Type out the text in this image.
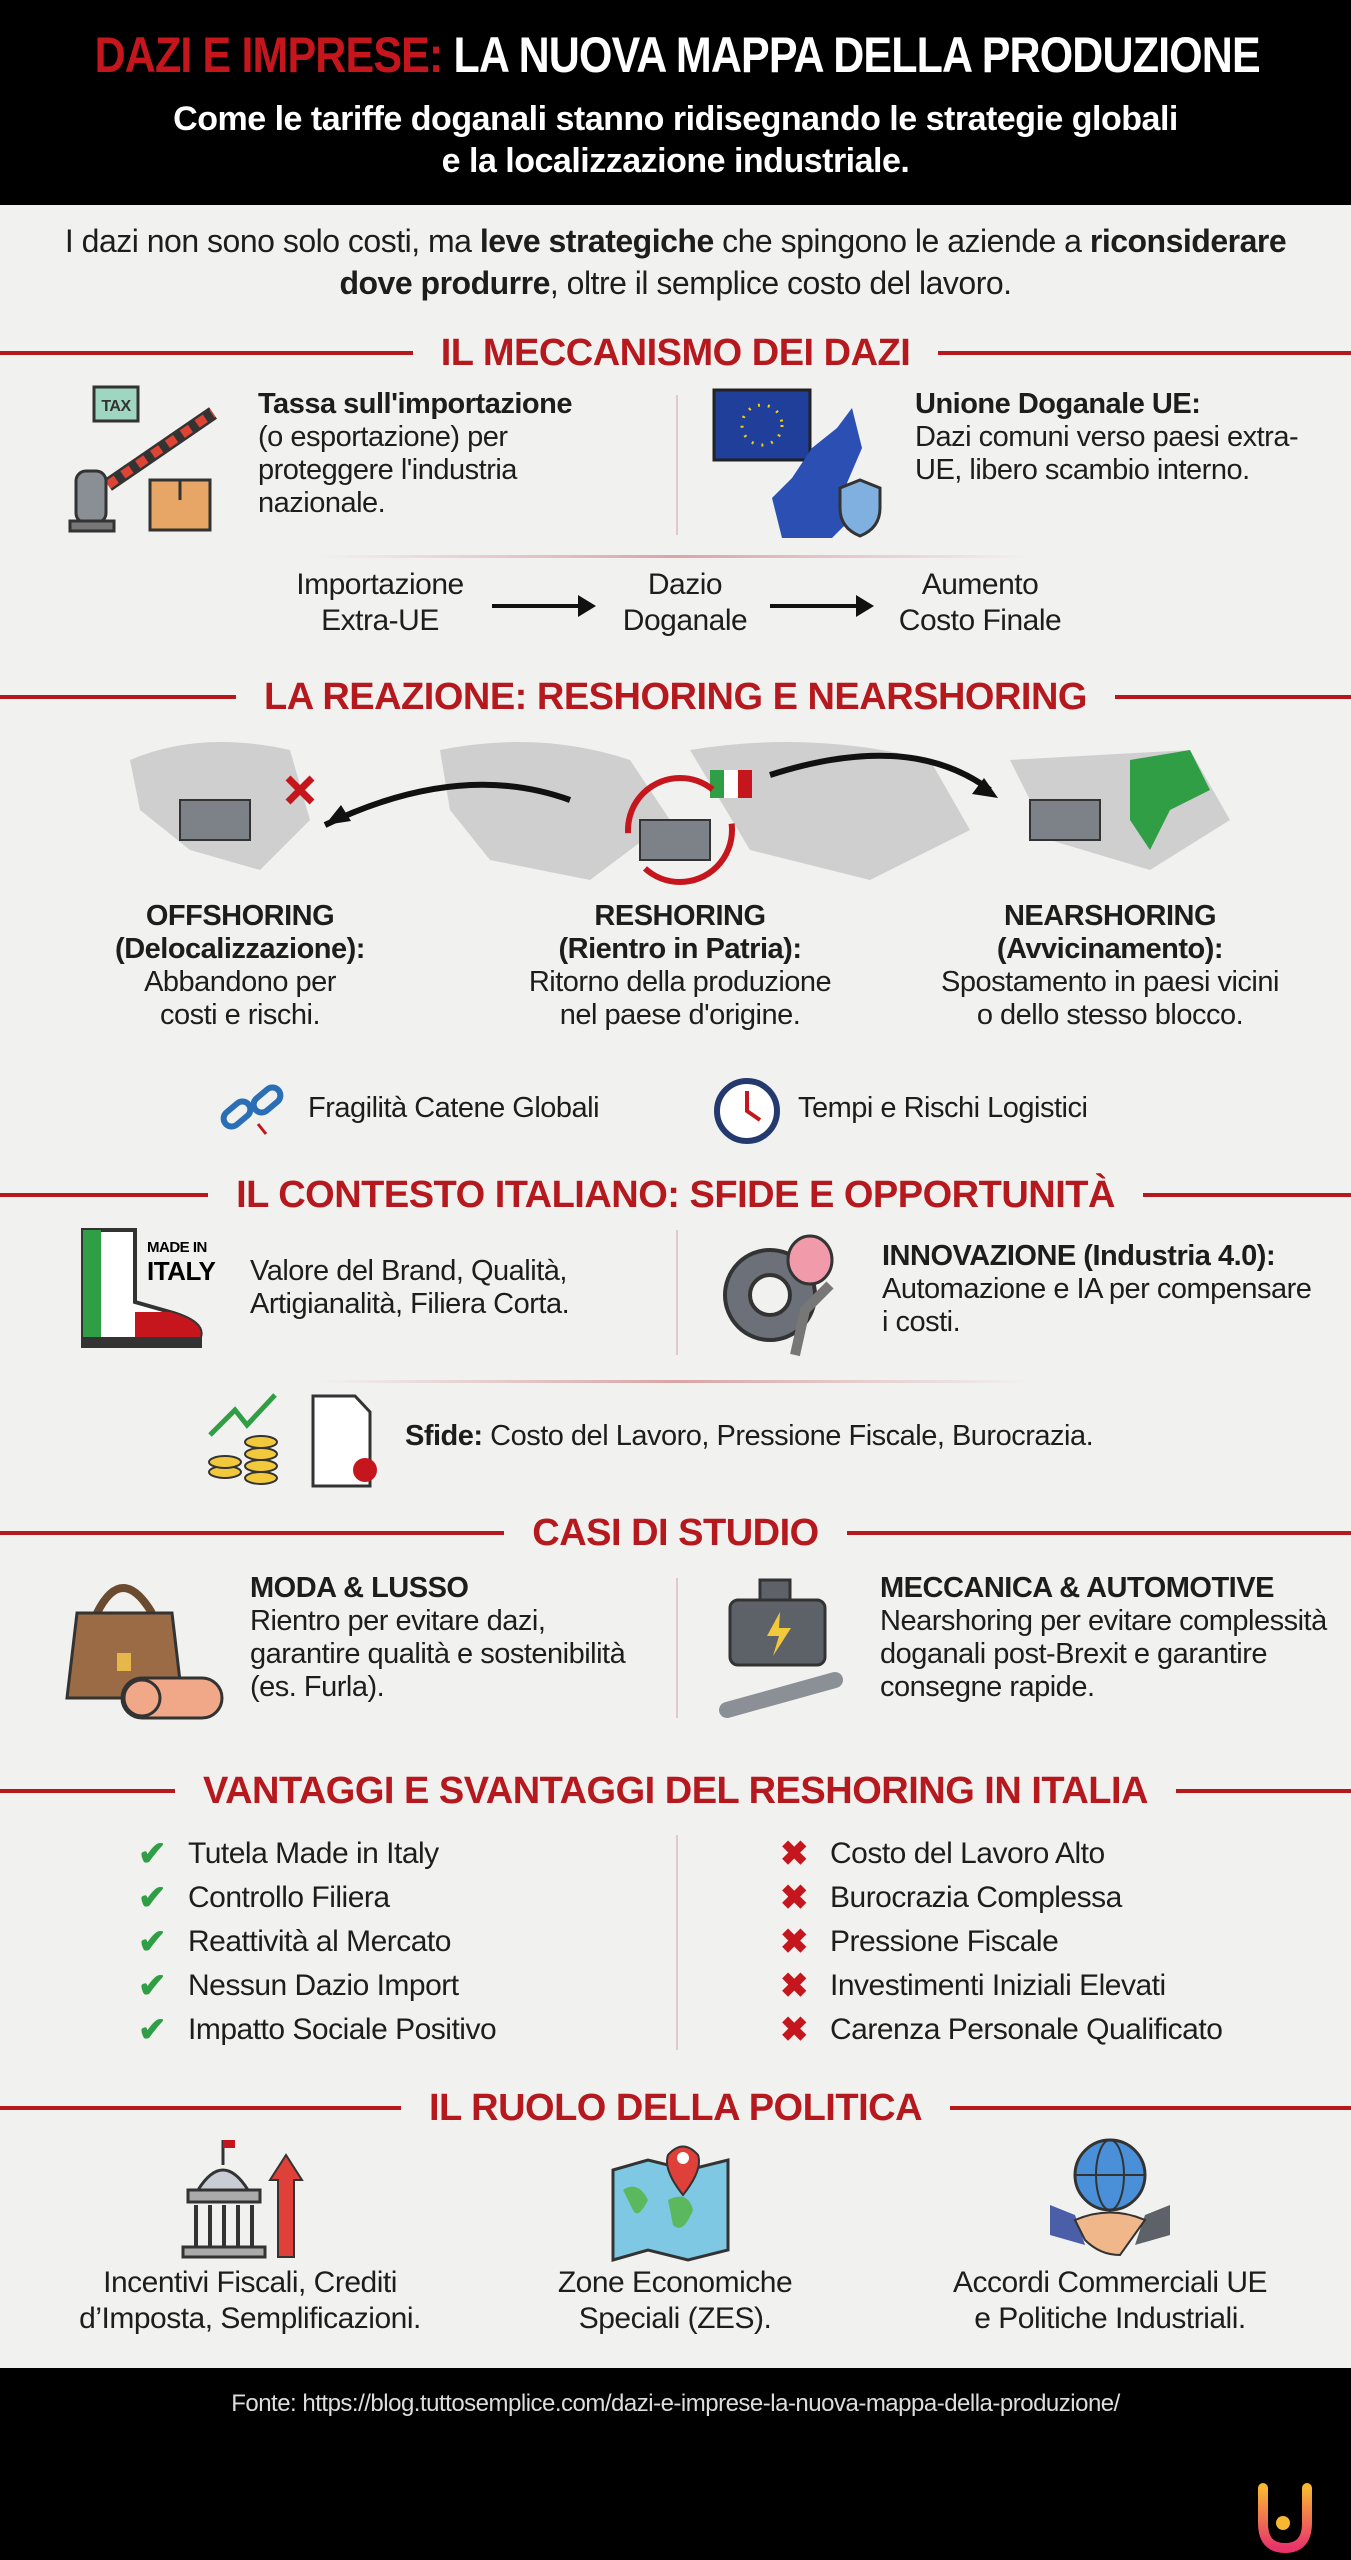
DAZI E IMPRESE: LA NUOVA MAPPA DELLA PRODUZIONE
Come le tariffe doganali stanno ridisegnando le strategie globali
e la localizzazione industriale.
I dazi non sono solo costi, ma leve strategiche che spingono le aziende a riconsiderare dove produrre, oltre il semplice costo del lavoro.
IL MECCANISMO DEI DAZI
TAX	Tassa sull'importazione
(o esportazione) per proteggere l'industria nazionale.
Unione Doganale UE:
Dazi comuni verso paesi extra-UE, libero scambio interno.
Importazione
Extra-UE
Dazio
Doganale
Aumento
Costo Finale
LA REAZIONE: RESHORING E NEARSHORING
OFFSHORING
(Delocalizzazione):
Abbandono per
costi e rischi.
RESHORING
(Rientro in Patria):
Ritorno della produzione
nel paese d'origine.
NEARSHORING
(Avvicinamento):
Spostamento in paesi vicini
o dello stesso blocco.
Fragilità Catene Globali	Tempi e Rischi Logistici
IL CONTESTO ITALIANO: SFIDE E OPPORTUNITÀ
MADE IN
ITALY Valore del Brand, Qualità, Artigianalità, Filiera Corta.
INNOVAZIONE (Industria 4.0):
Automazione e IA per compensare i costi.
Sfide: Costo del Lavoro, Pressione Fiscale, Burocrazia.
CASI DI STUDIO
MODA & LUSSO
Rientro per evitare dazi, garantire qualità e sostenibilità (es. Furla).
MECCANICA & AUTOMOTIVE
Nearshoring per evitare complessità doganali post-Brexit e garantire consegne rapide.
VANTAGGI E SVANTAGGI DEL RESHORING IN ITALIA
✔ Tutela Made in Italy
✔ Controllo Filiera
✔ Reattività al Mercato
✔ Nessun Dazio Import
✔ Impatto Sociale Positivo
✖ Costo del Lavoro Alto
✖ Burocrazia Complessa
✖ Pressione Fiscale
✖ Investimenti Iniziali Elevati
✖ Carenza Personale Qualificato
IL RUOLO DELLA POLITICA
Incentivi Fiscali, Crediti
d’Imposta, Semplificazioni.
Zone Economiche
Speciali (ZES).
Accordi Commerciali UE
e Politiche Industriali.
Fonte: https://blog.tuttosemplice.com/dazi-e-imprese-la-nuova-mappa-della-produzione/
